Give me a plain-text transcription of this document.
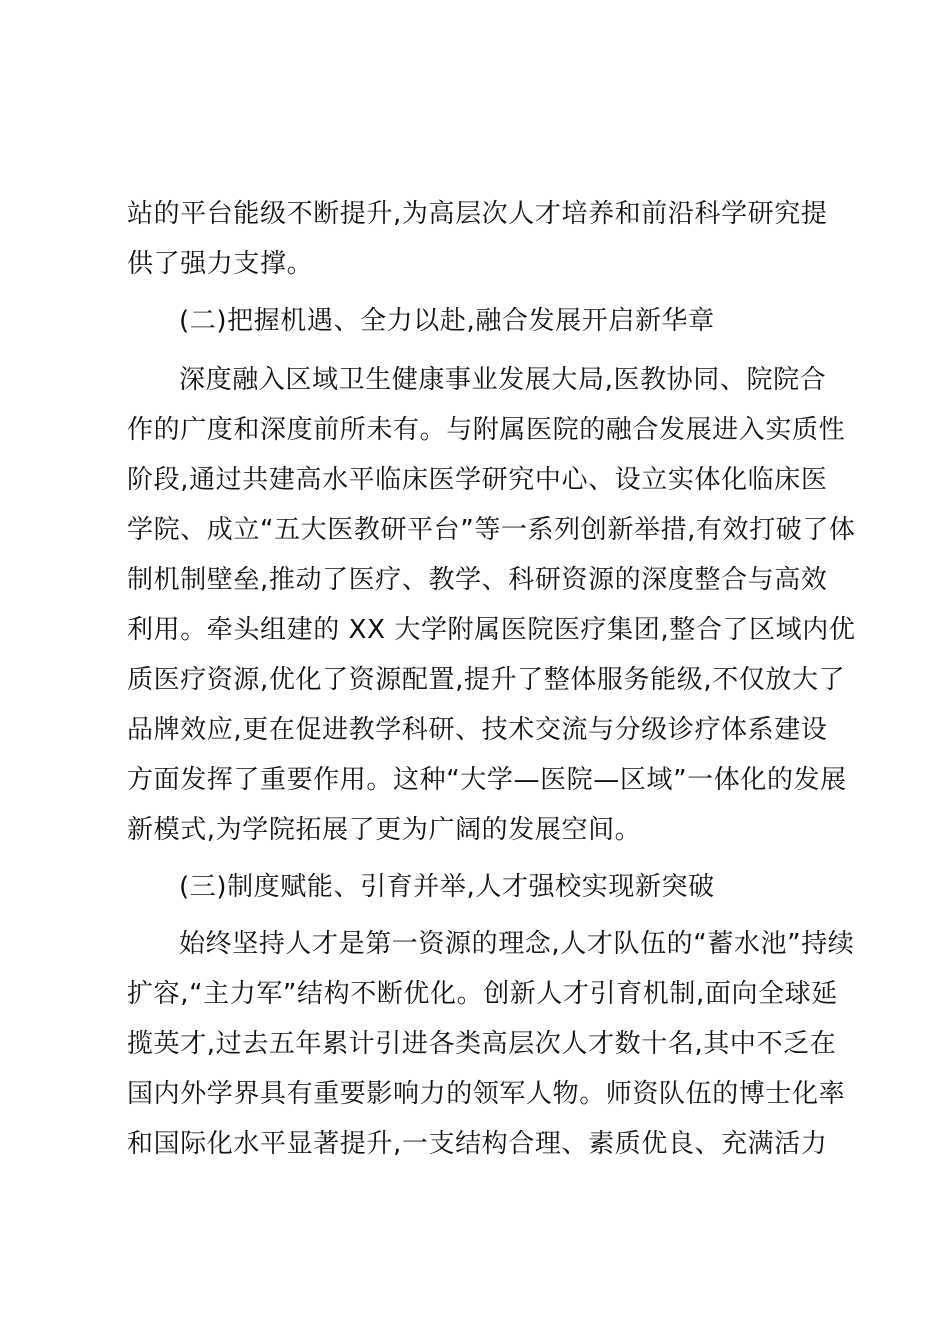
站的平台能级不断提升,为高层次人才培养和前沿科学研究提
供了强力支撑。
(二)把握机遇、全力以赴,融合发展开启新华章
深度融入区域卫生健康事业发展大局,医教协同、院院合
作的广度和深度前所未有。与附属医院的融合发展进入实质性
阶段,通过共建高水平临床医学研究中心、设立实体化临床医
学院、成立“五大医教研平台”等一系列创新举措,有效打破了体
制机制壁垒,推动了医疗、教学、科研资源的深度整合与高效
利用。牵头组建的 XX 大学附属医院医疗集团,整合了区域内优
质医疗资源,优化了资源配置,提升了整体服务能级,不仅放大了
品牌效应,更在促进教学科研、技术交流与分级诊疗体系建设
方面发挥了重要作用。这种“大学—医院—区域”一体化的发展
新模式,为学院拓展了更为广阔的发展空间。
(三)制度赋能、引育并举,人才强校实现新突破
始终坚持人才是第一资源的理念,人才队伍的“蓄水池”持续
扩容,“主力军”结构不断优化。创新人才引育机制,面向全球延
揽英才,过去五年累计引进各类高层次人才数十名,其中不乏在
国内外学界具有重要影响力的领军人物。师资队伍的博士化率
和国际化水平显著提升,一支结构合理、素质优良、充满活力
